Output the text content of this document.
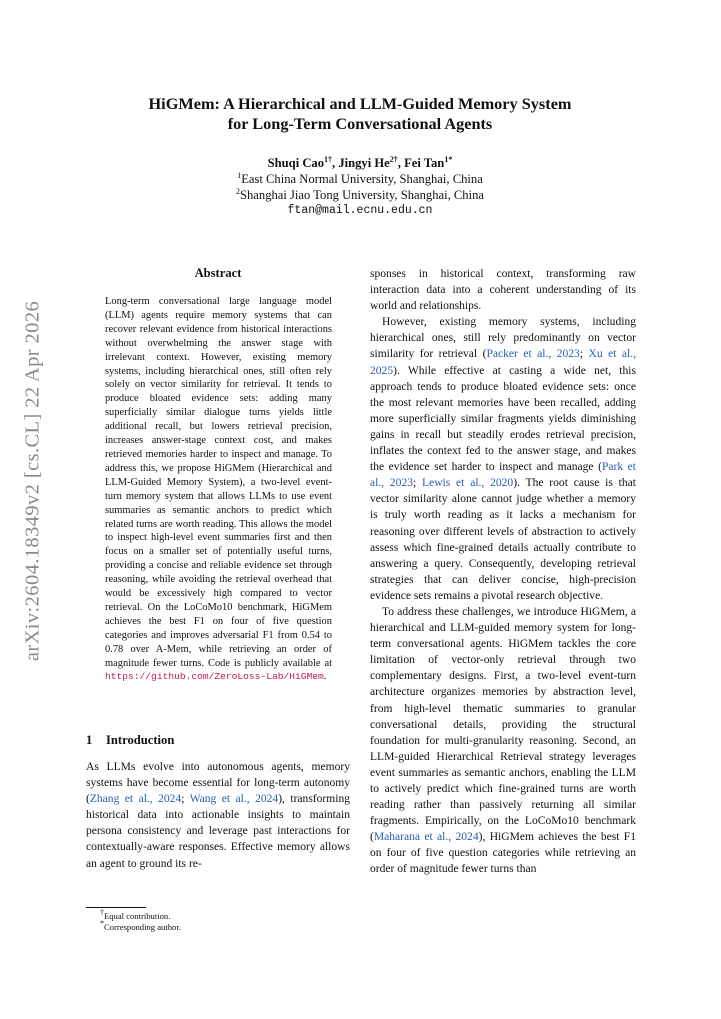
arXiv:2604.18349v2 [cs.CL] 22 Apr 2026
HiGMem: A Hierarchical and LLM-Guided Memory System
for Long-Term Conversational Agents
Shuqi Cao$^{1\dagger}$, Jingyi $He^{2\dagger}$, Fei Tan$^{1*}$
$^1$East China Normal University, Shanghai, China
$^2$Shanghai Jiao Tong University, Shanghai, China
ftan@mail.ecnu.edu.cn
Abstract

Long-term conversational large language model (LLM) agents require memory systems that can recover relevant evidence from historical interactions without overwhelming the answer stage with irrelevant context. However, existing memory systems, including hierarchical ones, still often rely solely on vector similarity for retrieval. It tends to produce bloated evidence sets: adding many superficially similar dialogue turns yields little additional recall, but lowers retrieval precision, increases answer-stage context cost, and makes retrieved memories harder to inspect and manage. To address this, we propose HiGMem (Hierarchical and LLM-Guided Memory System), a two-level event-turn memory system that allows LLMs to use event summaries as semantic anchors to predict which related turns are worth reading. This allows the model to inspect high-level event summaries first and then focus on a smaller set of potentially useful turns, providing a concise and reliable evidence set through reasoning, while avoiding the retrieval overhead that would be excessively high compared to vector retrieval. On the LoCoMo10 benchmark, HiGMem achieves the best F1 on four of five question categories and improves adversarial F1 from 0.54 to 0.78 over A-Mem, while retrieving an order of magnitude fewer turns. Code is publicly available at https://github.com/ZeroLoss-Lab/HiGMem.

1 Introduction

As LLMs evolve into autonomous agents, memory systems have become essential for long-term autonomy (Zhang et al., 2024; Wang et al., 2024), transforming historical data into actionable insights to maintain persona consistency and leverage past interactions for contextually-aware responses. Effective memory allows an agent to ground its re-

sponses in historical context, transforming raw interaction data into a coherent understanding of its world and relationships.

However, existing memory systems, including hierarchical ones, still rely predominantly on vector similarity for retrieval (Packer et al., 2023; Xu et al., 2025). While effective at casting a wide net, this approach tends to produce bloated evidence sets: once the most relevant memories have been recalled, adding more superficially similar fragments yields diminishing gains in recall but steadily erodes retrieval precision, inflates the context fed to the answer stage, and makes the evidence set harder to inspect and manage (Park et al., 2023; Lewis et al., 2020). The root cause is that vector similarity alone cannot judge whether a memory is truly worth reading as it lacks a mechanism for reasoning over different levels of abstraction to actively assess which fine-grained details actually contribute to answering a query. Consequently, developing retrieval strategies that can deliver concise, high-precision evidence sets remains a pivotal research objective.

To address these challenges, we introduce HiGMem, a hierarchical and LLM-guided memory system for long-term conversational agents. HiGMem tackles the core limitation of vector-only retrieval through two complementary designs. First, a two-level event-turn architecture organizes memories by abstraction level, from high-level thematic summaries to granular conversational details, providing the structural foundation for multi-granularity reasoning. Second, an LLM-guided Hierarchical Retrieval strategy leverages event summaries as semantic anchors, enabling the LLM to actively predict which fine-grained turns are worth reading rather than passively returning all similar fragments. Empirically, on the LoCoMo10 benchmark (Maharana et al., 2024), HiGMem achieves the best F1 on four of five question categories while retrieving an order of magnitude fewer turns than

†Equal contribution.
*Corresponding author.
